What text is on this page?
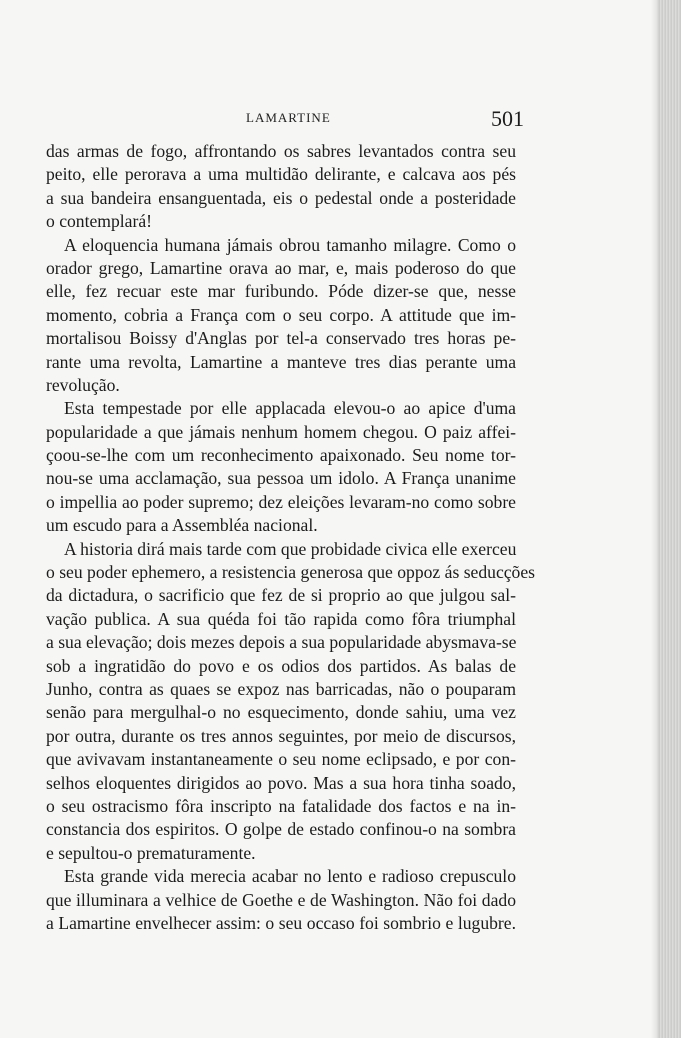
LAMARTINE	501
das armas de fogo, affrontando os sabres levantados contra seu
peito, elle perorava a uma multidão delirante, e calcava aos pés
a sua bandeira ensanguentada, eis o pedestal onde a posteridade
o contemplará!
A eloquencia humana jámais obrou tamanho milagre. Como o
orador grego, Lamartine orava ao mar, e, mais poderoso do que
elle, fez recuar este mar furibundo. Póde dizer-se que, nesse
momento, cobria a França com o seu corpo. A attitude que im-
mortalisou Boissy d'Anglas por tel-a conservado tres horas pe-
rante uma revolta, Lamartine a manteve tres dias perante uma
revolução.
Esta tempestade por elle applacada elevou-o ao apice d'uma
popularidade a que jámais nenhum homem chegou. O paiz affei-
çoou-se-lhe com um reconhecimento apaixonado. Seu nome tor-
nou-se uma acclamação, sua pessoa um idolo. A França unanime
o impellia ao poder supremo; dez eleições levaram-no como sobre
um escudo para a Assembléa nacional.
A historia dirá mais tarde com que probidade civica elle exerceu
o seu poder ephemero, a resistencia generosa que oppoz ás seducções
da dictadura, o sacrificio que fez de si proprio ao que julgou sal-
vação publica. A sua quéda foi tão rapida como fôra triumphal
a sua elevação; dois mezes depois a sua popularidade abysmava-se
sob a ingratidão do povo e os odios dos partidos. As balas de
Junho, contra as quaes se expoz nas barricadas, não o pouparam
senão para mergulhal-o no esquecimento, donde sahiu, uma vez
por outra, durante os tres annos seguintes, por meio de discursos,
que avivavam instantaneamente o seu nome eclipsado, e por con-
selhos eloquentes dirigidos ao povo. Mas a sua hora tinha soado,
o seu ostracismo fôra inscripto na fatalidade dos factos e na in-
constancia dos espiritos. O golpe de estado confinou-o na sombra
e sepultou-o prematuramente.
Esta grande vida merecia acabar no lento e radioso crepusculo
que illuminara a velhice de Goethe e de Washington. Não foi dado
a Lamartine envelhecer assim: o seu occaso foi sombrio e lugubre.
